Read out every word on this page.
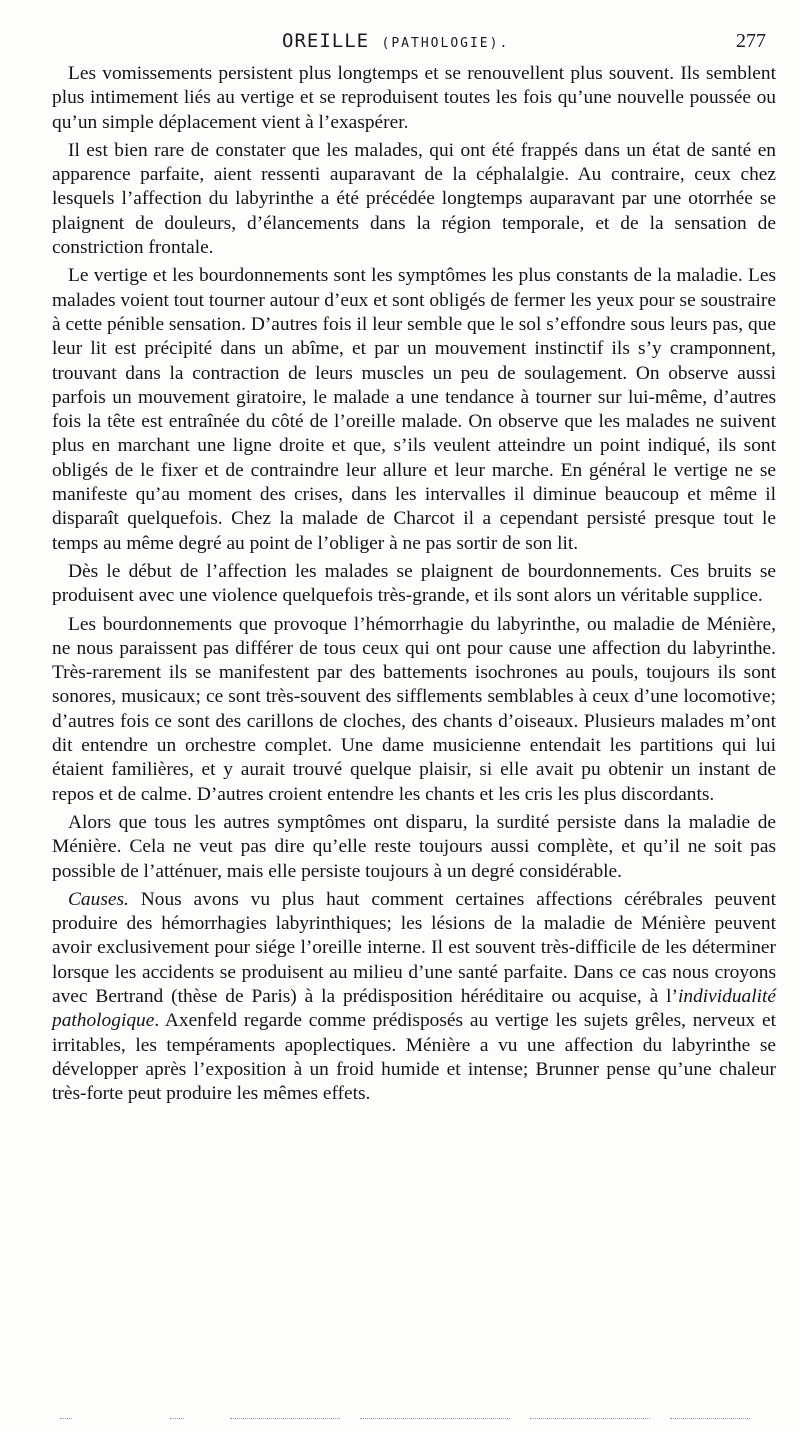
OREILLE (PATHOLOGIE).	277

Les vomissements persistent plus longtemps et se renouvellent plus souvent. Ils semblent plus intimement liés au vertige et se reproduisent toutes les fois qu’une nouvelle poussée ou qu’un simple déplacement vient à l’exaspérer.

Il est bien rare de constater que les malades, qui ont été frappés dans un état de santé en apparence parfaite, aient ressenti auparavant de la céphalalgie. Au contraire, ceux chez lesquels l’affection du labyrinthe a été précédée longtemps auparavant par une otorrhée se plaignent de douleurs, d’élancements dans la région temporale, et de la sensation de constriction frontale.

Le vertige et les bourdonnements sont les symptômes les plus constants de la maladie. Les malades voient tout tourner autour d’eux et sont obligés de fermer les yeux pour se soustraire à cette pénible sensation. D’autres fois il leur semble que le sol s’effondre sous leurs pas, que leur lit est précipité dans un abîme, et par un mouvement instinctif ils s’y cramponnent, trouvant dans la contraction de leurs muscles un peu de soulagement. On observe aussi parfois un mouvement giratoire, le malade a une tendance à tourner sur lui-même, d’autres fois la tête est entraînée du côté de l’oreille malade. On observe que les malades ne suivent plus en marchant une ligne droite et que, s’ils veulent atteindre un point indiqué, ils sont obligés de le fixer et de contraindre leur allure et leur marche. En général le vertige ne se manifeste qu’au moment des crises, dans les intervalles il diminue beaucoup et même il disparaît quelquefois. Chez la malade de Charcot il a cependant persisté presque tout le temps au même degré au point de l’obliger à ne pas sortir de son lit.

Dès le début de l’affection les malades se plaignent de bourdonnements. Ces bruits se produisent avec une violence quelquefois très-grande, et ils sont alors un véritable supplice.

Les bourdonnements que provoque l’hémorrhagie du labyrinthe, ou maladie de Ménière, ne nous paraissent pas différer de tous ceux qui ont pour cause une affection du labyrinthe. Très-rarement ils se manifestent par des battements isochrones au pouls, toujours ils sont sonores, musicaux; ce sont très-souvent des sifflements semblables à ceux d’une locomotive; d’autres fois ce sont des carillons de cloches, des chants d’oiseaux. Plusieurs malades m’ont dit entendre un orchestre complet. Une dame musicienne entendait les partitions qui lui étaient familières, et y aurait trouvé quelque plaisir, si elle avait pu obtenir un instant de repos et de calme. D’autres croient entendre les chants et les cris les plus discordants.

Alors que tous les autres symptômes ont disparu, la surdité persiste dans la maladie de Ménière. Cela ne veut pas dire qu’elle reste toujours aussi complète, et qu’il ne soit pas possible de l’atténuer, mais elle persiste toujours à un degré considérable.

Causes. Nous avons vu plus haut comment certaines affections cérébrales peuvent produire des hémorrhagies labyrinthiques; les lésions de la maladie de Ménière peuvent avoir exclusivement pour siége l’oreille interne. Il est souvent très-difficile de les déterminer lorsque les accidents se produisent au milieu d’une santé parfaite. Dans ce cas nous croyons avec Bertrand (thèse de Paris) à la prédisposition héréditaire ou acquise, à l’individualité pathologique. Axenfeld regarde comme prédisposés au vertige les sujets grêles, nerveux et irritables, les tempéraments apoplectiques. Ménière a vu une affection du labyrinthe se développer après l’exposition à un froid humide et intense; Brunner pense qu’une chaleur très-forte peut produire les mêmes effets.
